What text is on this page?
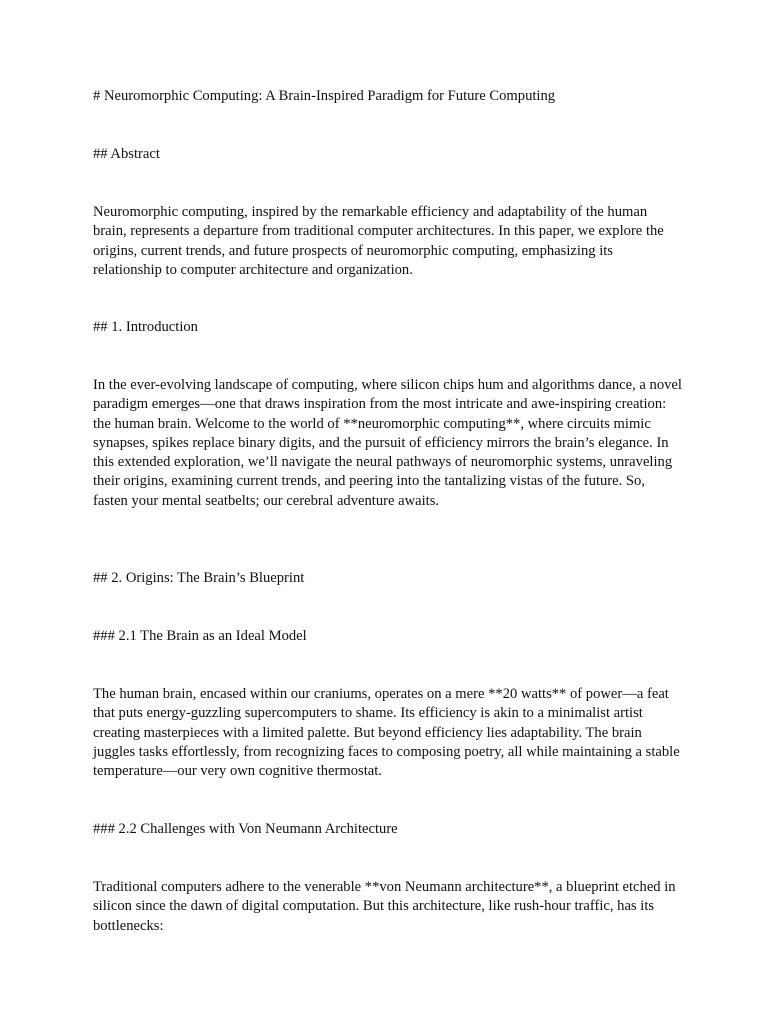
# Neuromorphic Computing: A Brain-Inspired Paradigm for Future Computing

## Abstract

Neuromorphic computing, inspired by the remarkable efficiency and adaptability of the human brain, represents a departure from traditional computer architectures. In this paper, we explore the origins, current trends, and future prospects of neuromorphic computing, emphasizing its relationship to computer architecture and organization.

## 1. Introduction

In the ever-evolving landscape of computing, where silicon chips hum and algorithms dance, a novel paradigm emerges—one that draws inspiration from the most intricate and awe-inspiring creation: the human brain. Welcome to the world of **neuromorphic computing**, where circuits mimic synapses, spikes replace binary digits, and the pursuit of efficiency mirrors the brain’s elegance. In this extended exploration, we’ll navigate the neural pathways of neuromorphic systems, unraveling their origins, examining current trends, and peering into the tantalizing vistas of the future. So, fasten your mental seatbelts; our cerebral adventure awaits.

## 2. Origins: The Brain’s Blueprint

### 2.1 The Brain as an Ideal Model

The human brain, encased within our craniums, operates on a mere **20 watts** of power—a feat that puts energy-guzzling supercomputers to shame. Its efficiency is akin to a minimalist artist creating masterpieces with a limited palette. But beyond efficiency lies adaptability. The brain juggles tasks effortlessly, from recognizing faces to composing poetry, all while maintaining a stable temperature—our very own cognitive thermostat.

### 2.2 Challenges with Von Neumann Architecture

Traditional computers adhere to the venerable **von Neumann architecture**, a blueprint etched in silicon since the dawn of digital computation. But this architecture, like rush-hour traffic, has its bottlenecks:
